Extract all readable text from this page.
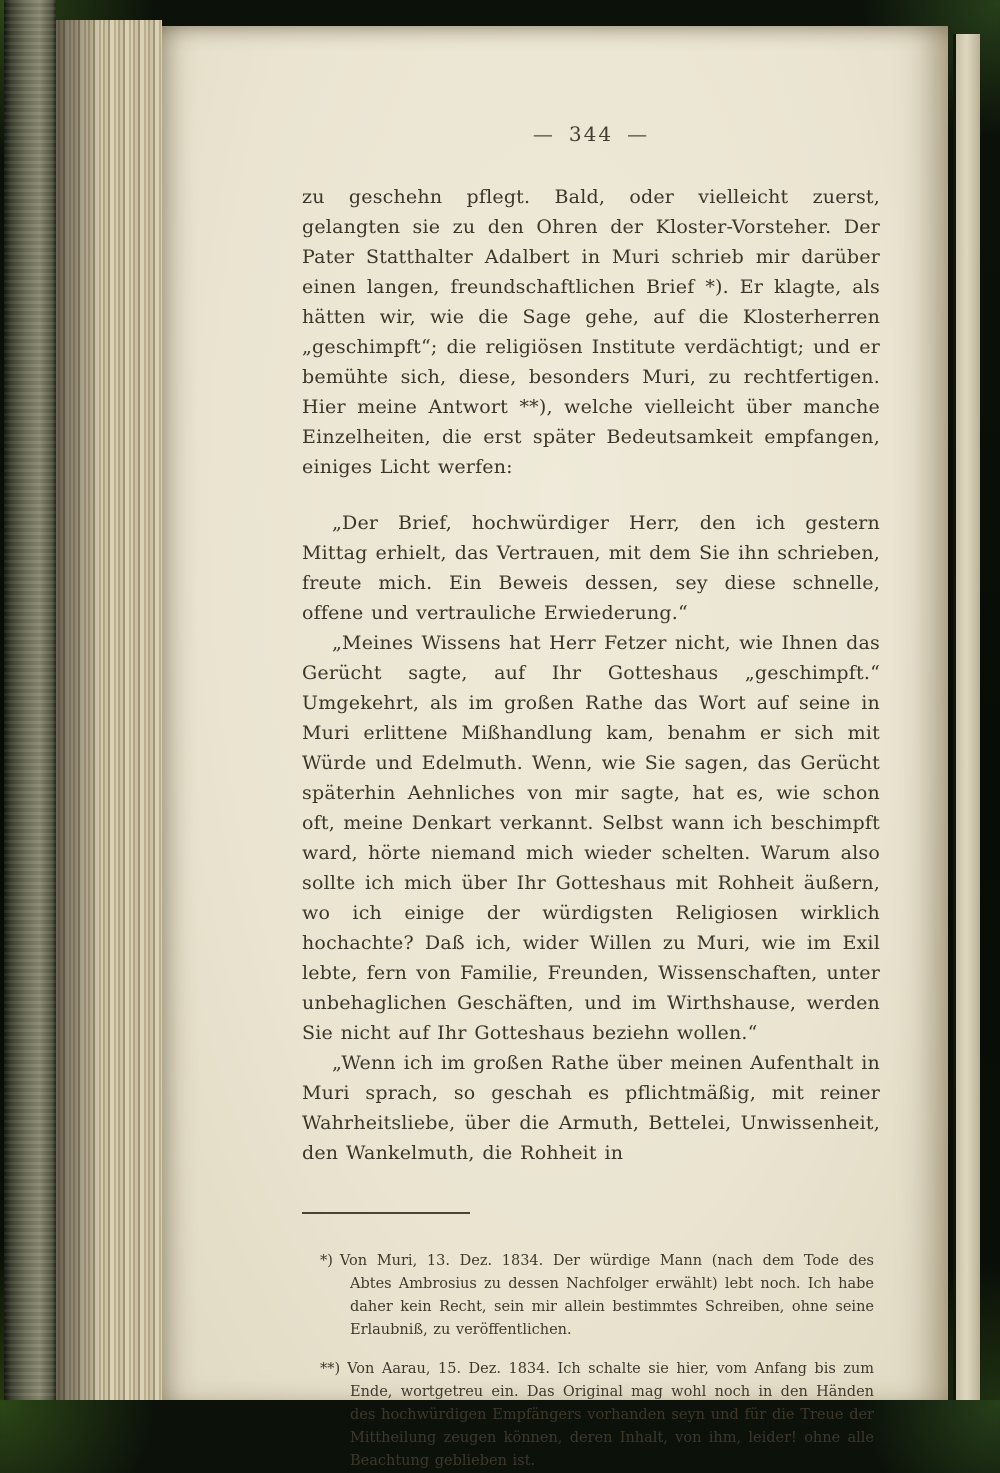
— 344 —

zu geschehn pflegt. Bald, oder vielleicht zuerst, gelangten sie zu den Ohren der Kloster-Vorsteher. Der Pater Statthalter Adalbert in Muri schrieb mir darüber einen langen, freundschaftlichen Brief *). Er klagte, als hätten wir, wie die Sage gehe, auf die Klosterherren „geschimpft“; die religiösen Institute verdächtigt; und er bemühte sich, diese, besonders Muri, zu rechtfertigen. Hier meine Antwort **), welche vielleicht über manche Einzelheiten, die erst später Bedeutsamkeit empfangen, einiges Licht werfen:

„Der Brief, hochwürdiger Herr, den ich gestern Mittag erhielt, das Vertrauen, mit dem Sie ihn schrieben, freute mich. Ein Beweis dessen, sey diese schnelle, offene und vertrauliche Erwiederung.“

„Meines Wissens hat Herr Fetzer nicht, wie Ihnen das Gerücht sagte, auf Ihr Gotteshaus „geschimpft.“ Umgekehrt, als im großen Rathe das Wort auf seine in Muri erlittene Mißhandlung kam, benahm er sich mit Würde und Edelmuth. Wenn, wie Sie sagen, das Gerücht späterhin Aehnliches von mir sagte, hat es, wie schon oft, meine Denkart verkannt. Selbst wann ich beschimpft ward, hörte niemand mich wieder schelten. Warum also sollte ich mich über Ihr Gotteshaus mit Rohheit äußern, wo ich einige der würdigsten Religiosen wirklich hochachte? Daß ich, wider Willen zu Muri, wie im Exil lebte, fern von Familie, Freunden, Wissenschaften, unter unbehaglichen Geschäften, und im Wirthshause, werden Sie nicht auf Ihr Gotteshaus beziehn wollen.“

„Wenn ich im großen Rathe über meinen Aufenthalt in Muri sprach, so geschah es pflichtmäßig, mit reiner Wahrheitsliebe, über die Armuth, Bettelei, Unwissenheit, den Wankelmuth, die Rohheit in

*) Von Muri, 13. Dez. 1834. Der würdige Mann (nach dem Tode des Abtes Ambrosius zu dessen Nachfolger erwählt) lebt noch. Ich habe daher kein Recht, sein mir allein bestimmtes Schreiben, ohne seine Erlaubniß, zu veröffentlichen.
**) Von Aarau, 15. Dez. 1834. Ich schalte sie hier, vom Anfang bis zum Ende, wortgetreu ein. Das Original mag wohl noch in den Händen des hochwürdigen Empfängers vorhanden seyn und für die Treue der Mittheilung zeugen können, deren Inhalt, von ihm, leider! ohne alle Beachtung geblieben ist.
